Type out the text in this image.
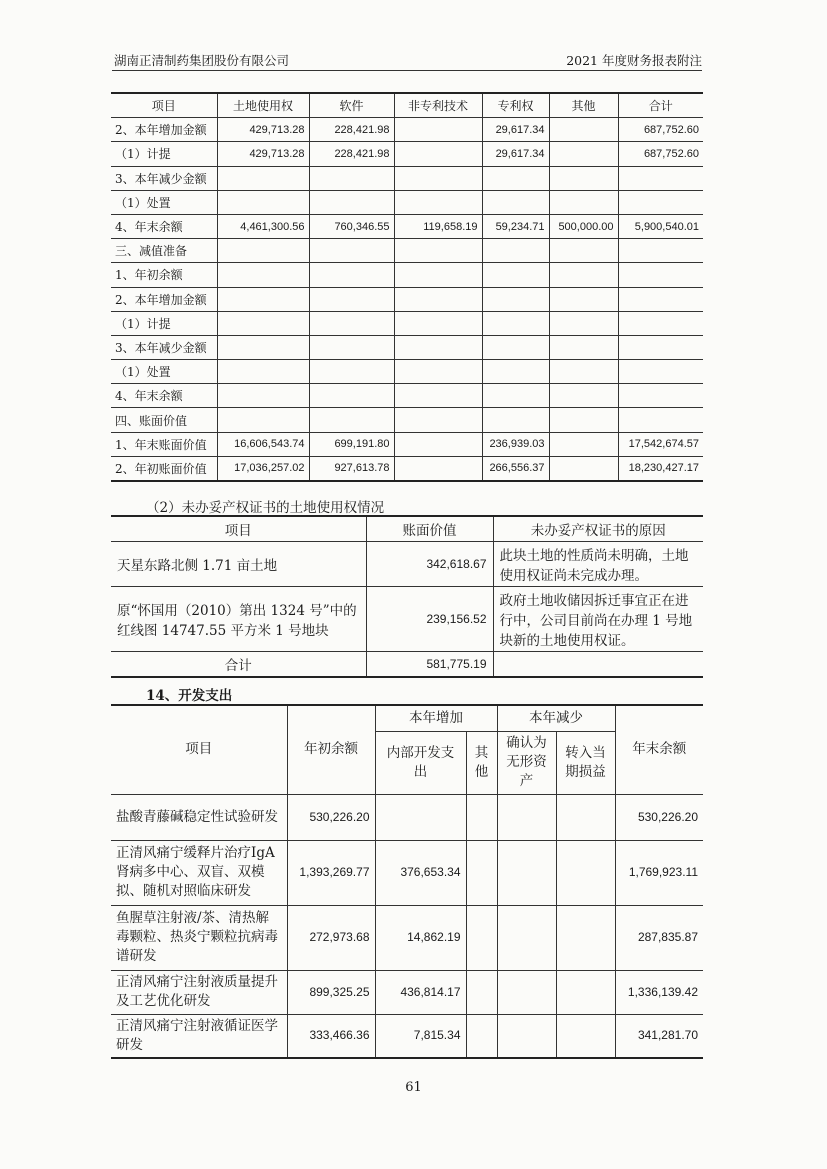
湖南正清制药集团股份有限公司	2021 年度财务报表附注
项目	土地使用权	软件	非专利技术	专利权	其他	合计
2、本年增加金额	429,713.28	228,421.98		29,617.34		687,752.60
（1）计提	429,713.28	228,421.98		29,617.34		687,752.60
3、本年减少金额						
（1）处置						
4、年末余额	4,461,300.56	760,346.55	119,658.19	59,234.71	500,000.00	5,900,540.01
三、减值准备						
1、年初余额						
2、本年增加金额						
（1）计提						
3、本年减少金额						
（1）处置						
4、年末余额						
四、账面价值						
1、年末账面价值	16,606,543.74	699,191.80		236,939.03		17,542,674.57
2、年初账面价值	17,036,257.02	927,613.78		266,556.37		18,230,427.17
（2）未办妥产权证书的土地使用权情况
项目	账面价值	未办妥产权证书的原因
天星东路北侧 1.71 亩土地	342,618.67	此块土地的性质尚未明确，土地使用权证尚未完成办理。
原“怀国用（2010）第出 1324 号”中的红线图 14747.55 平方米 1 号地块	239,156.52	政府土地收储因拆迁事宜正在进行中，公司目前尚在办理 1 号地块新的土地使用权证。
合计	581,775.19	
14、开发支出
项目	年初余额	本年增加		本年减少		年末余额
		内部开发支出	其他	确认为无形资产	转入当期损益	
盐酸青藤碱稳定性试验研发	530,226.20					530,226.20
正清风痛宁缓释片治疗IgA肾病多中心、双盲、双模拟、随机对照临床研发	1,393,269.77	376,653.34				1,769,923.11
鱼腥草注射液/茶、清热解毒颗粒、热炎宁颗粒抗病毒谱研发	272,973.68	14,862.19				287,835.87
正清风痛宁注射液质量提升及工艺优化研发	899,325.25	436,814.17				1,336,139.42
正清风痛宁注射液循证医学研发	333,466.36	7,815.34				341,281.70
61
